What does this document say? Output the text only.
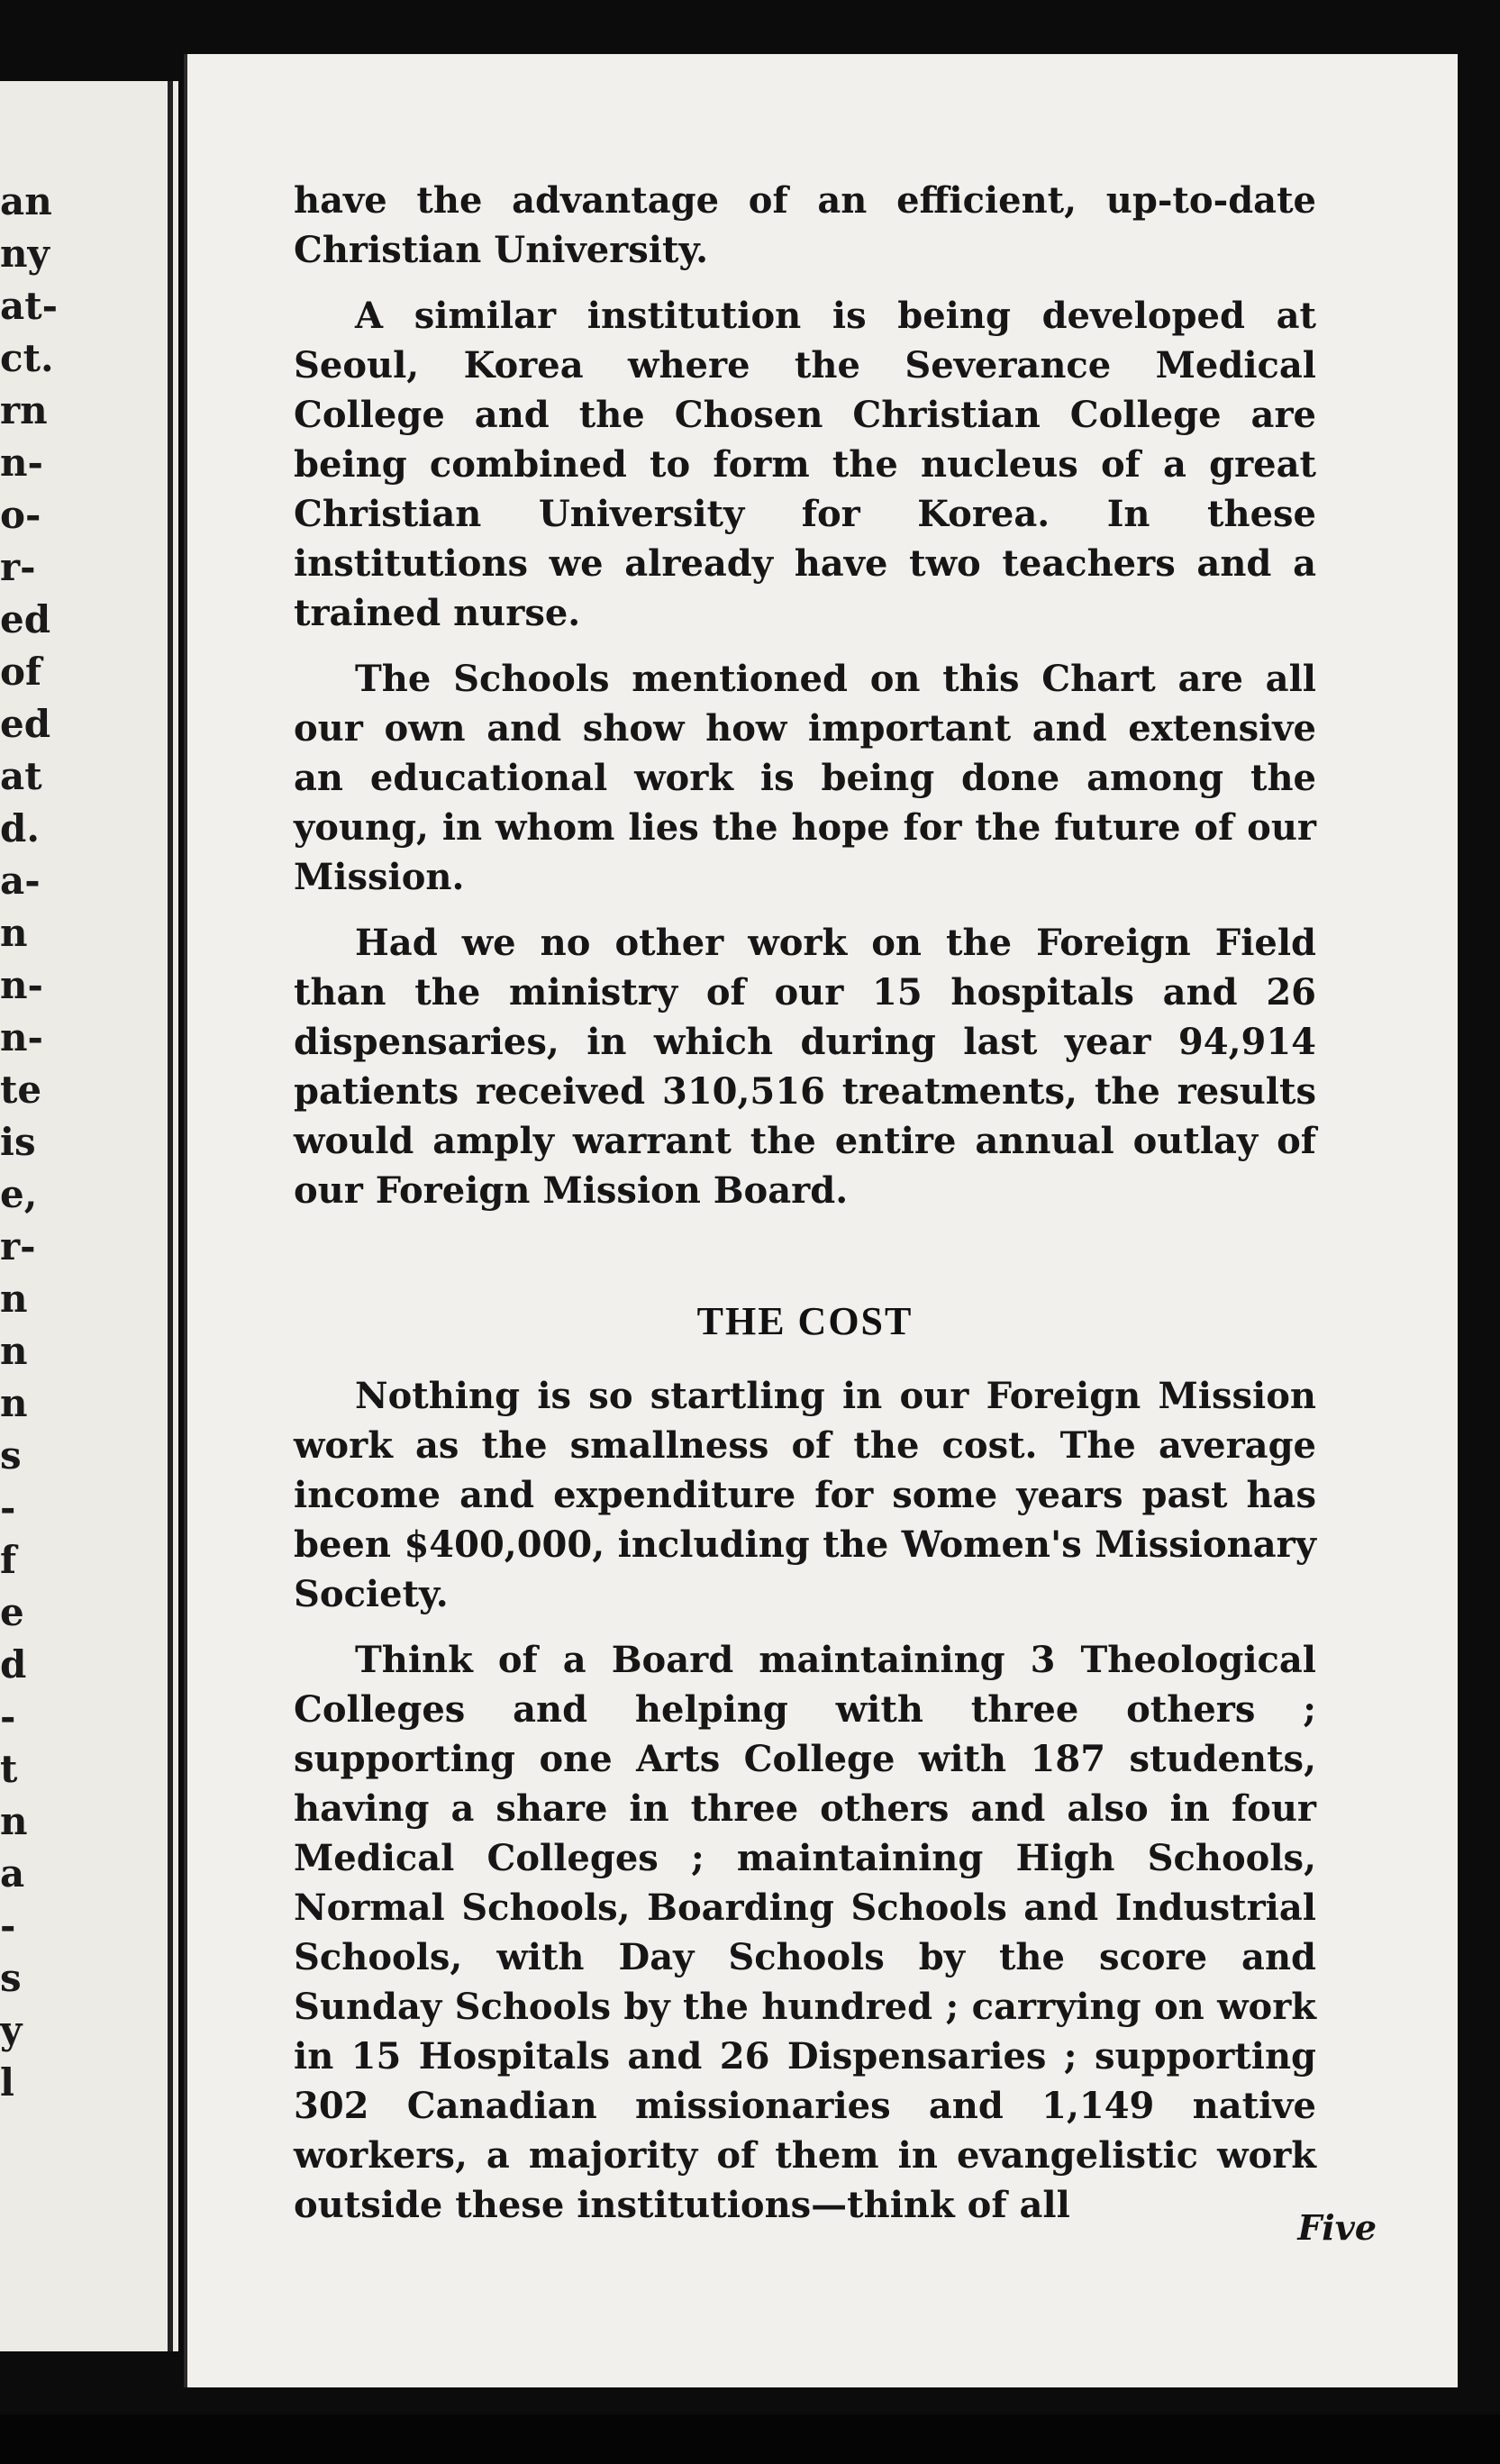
an
ny
at-
ct.
rn
n-
o-
r-
ed
of
ed
at
d.
a-
n
n-
n-
te
is
e,
r-
n
n
n
s
-
f
e
d
-
t
n
a
-
s
y
l

have the advantage of an efficient, up-to-date Christian University.

A similar institution is being developed at Seoul, Korea where the Severance Medical College and the Chosen Christian College are being combined to form the nucleus of a great Christian University for Korea. In these institutions we already have two teachers and a trained nurse.

The Schools mentioned on this Chart are all our own and show how important and extensive an educational work is being done among the young, in whom lies the hope for the future of our Mission.

Had we no other work on the Foreign Field than the ministry of our 15 hospitals and 26 dispensaries, in which during last year 94,914 patients received 310,516 treatments, the results would amply warrant the entire annual outlay of our Foreign Mission Board.

THE COST

Nothing is so startling in our Foreign Mission work as the smallness of the cost. The average income and expenditure for some years past has been $400,000, including the Women's Missionary Society.

Think of a Board maintaining 3 Theological Colleges and helping with three others ; supporting one Arts College with 187 students, having a share in three others and also in four Medical Colleges ; maintaining High Schools, Normal Schools, Boarding Schools and Industrial Schools, with Day Schools by the score and Sunday Schools by the hundred ; carrying on work in 15 Hospitals and 26 Dispensaries ; supporting 302 Canadian missionaries and 1,149 native workers, a majority of them in evangelistic work outside these institutions—think of all

Five
